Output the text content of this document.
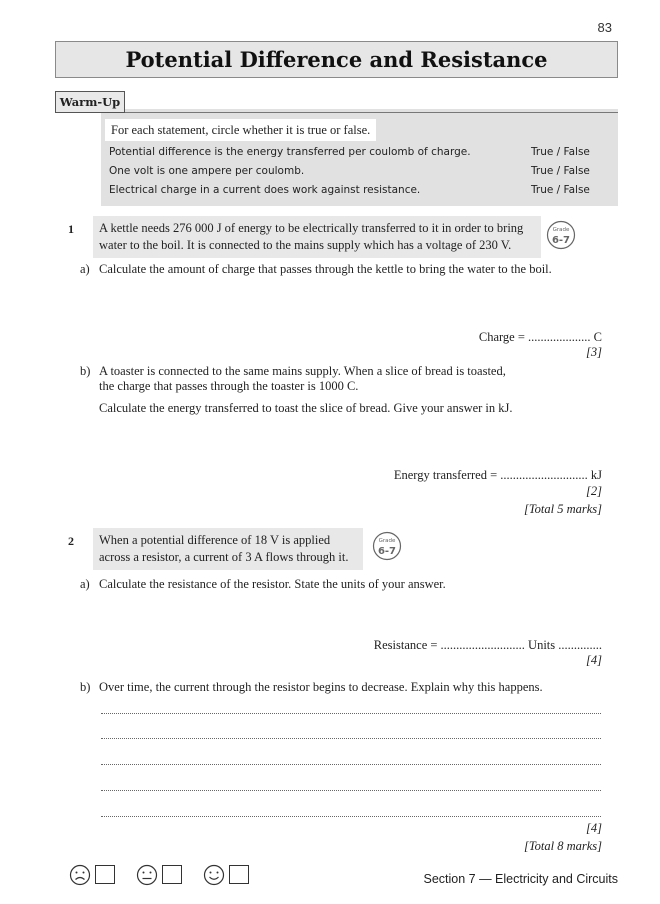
83
Potential Difference and Resistance
Warm-Up
For each statement, circle whether it is true or false.
Potential difference is the energy transferred per coulomb of charge.	True / False
One volt is one ampere per coulomb.	True / False
Electrical charge in a current does work against resistance.	True / False
1 A kettle needs 276 000 J of energy to be electrically transferred to it in order to bring
water to the boil. It is connected to the mains supply which has a voltage of 230 V.
Grade
6-7
a) Calculate the amount of charge that passes through the kettle to bring the water to the boil.
Charge = .................... C
[3]
b) A toaster is connected to the same mains supply. When a slice of bread is toasted,
the charge that passes through the toaster is 1000 C.
Calculate the energy transferred to toast the slice of bread. Give your answer in kJ.
Energy transferred = ............................ kJ
[2]
[Total 5 marks]
2 When a potential difference of 18 V is applied
across a resistor, a current of 3 A flows through it.
Grade
6-7
a) Calculate the resistance of the resistor. State the units of your answer.
Resistance = ........................... Units ..............
[4]
b) Over time, the current through the resistor begins to decrease. Explain why this happens.
[4]
[Total 8 marks]
Section 7 — Electricity and Circuits
